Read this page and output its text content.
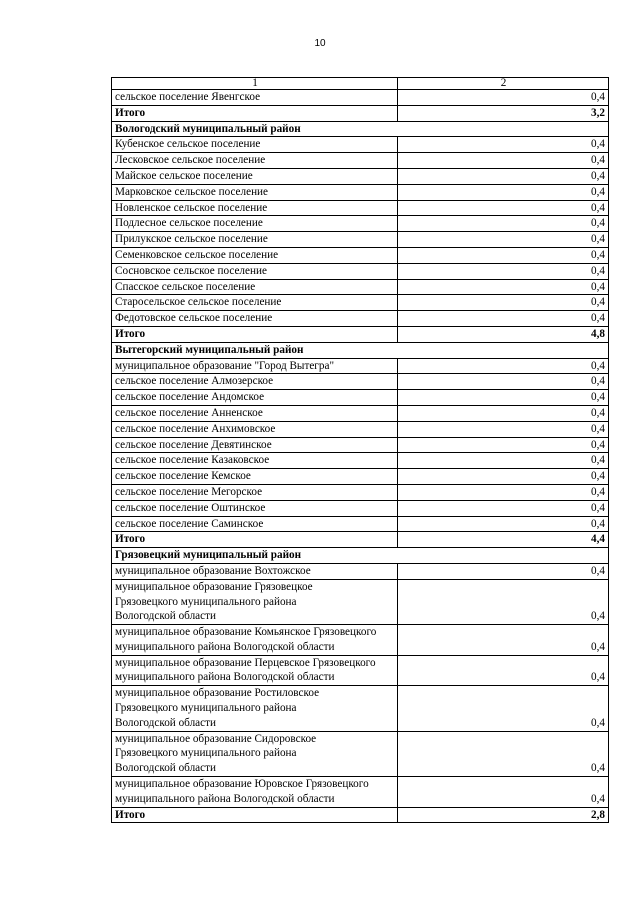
10
1	2
сельское поселение Явенгское	0,4
Итого	3,2
Вологодский муниципальный район	
Кубенское сельское поселение	0,4
Лесковское сельское поселение	0,4
Майское сельское поселение	0,4
Марковское сельское поселение	0,4
Новленское сельское поселение	0,4
Подлесное сельское поселение	0,4
Прилукское сельское поселение	0,4
Семенковское сельское поселение	0,4
Сосновское сельское поселение	0,4
Спасское сельское поселение	0,4
Старосельское сельское поселение	0,4
Федотовское сельское поселение	0,4
Итого	4,8
Вытегорский муниципальный район	
муниципальное образование "Город Вытегра"	0,4
сельское поселение Алмозерское	0,4
сельское поселение Андомское	0,4
сельское поселение Анненское	0,4
сельское поселение Анхимовское	0,4
сельское поселение Девятинское	0,4
сельское поселение Казаковское	0,4
сельское поселение Кемское	0,4
сельское поселение Мегорское	0,4
сельское поселение Оштинское	0,4
сельское поселение Саминское	0,4
Итого	4,4
Грязовецкий муниципальный район	
муниципальное образование Вохтожское	0,4

муниципальное образование Грязовецкое
Грязовецкого муниципального района
Вологодской области	0,4

муниципальное образование Комьянское Грязовецкого
муниципального района Вологодской области	0,4

муниципальное образование Перцевское Грязовецкого
муниципального района Вологодской области	0,4

муниципальное образование Ростиловское
Грязовецкого муниципального района
Вологодской области	0,4

муниципальное образование Сидоровское
Грязовецкого муниципального района
Вологодской области	0,4

муниципальное образование Юровское Грязовецкого
муниципального района Вологодской области	0,4
Итого	2,8
